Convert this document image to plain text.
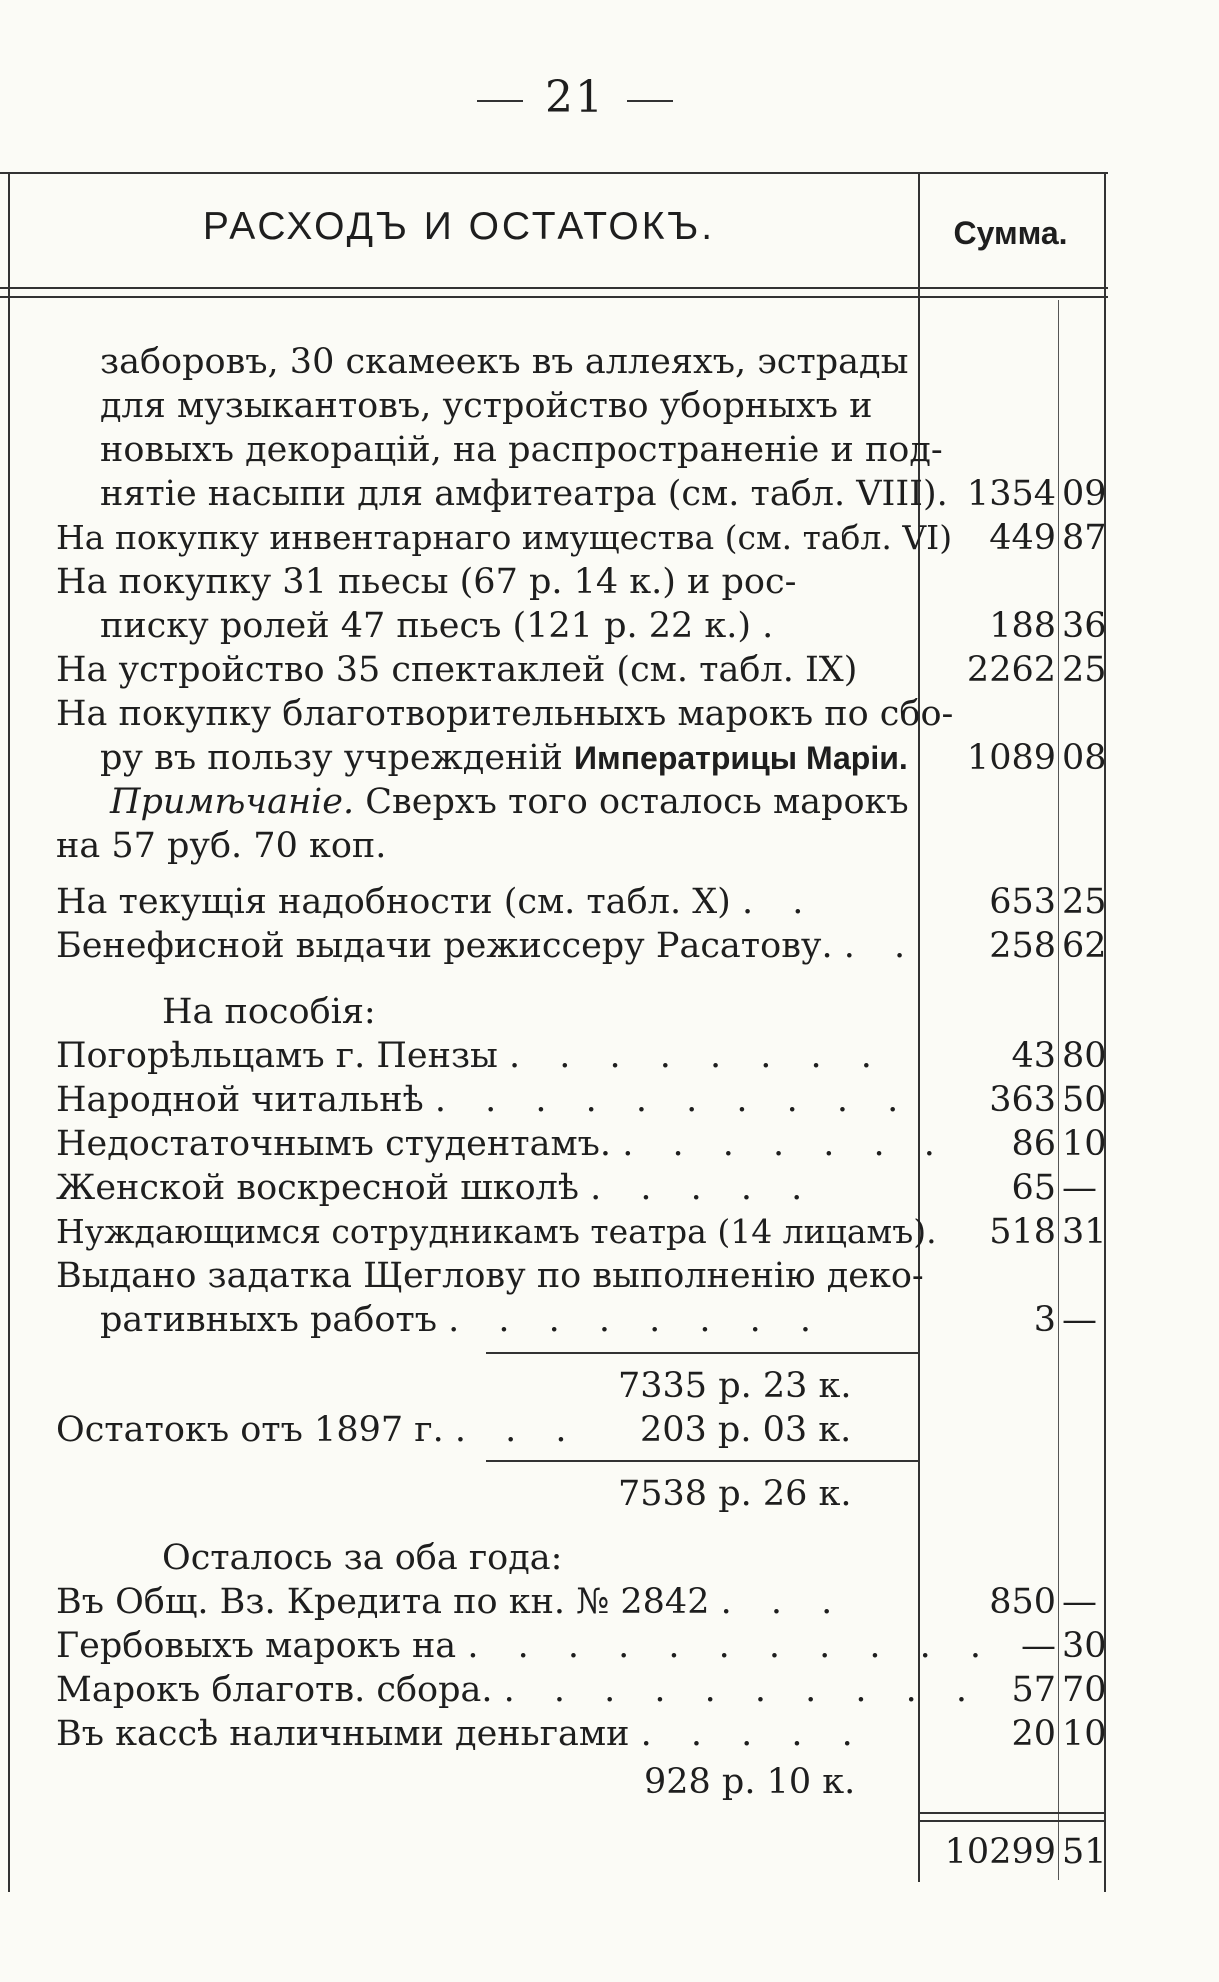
21
РАСХОДЪ И ОСТАТОКЪ.	Сумма.
заборовъ, 30 скамеекъ въ аллеяхъ, эстрады
для музыкантовъ, устройство уборныхъ и
новыхъ декорацій, на распространеніе и под-
нятіе насыпи для амфитеатра (см. табл. VIII). 1354 09
На покупку инвентарнаго имущества (см. табл. VI) 449 87
На покупку 31 пьесы (67 р. 14 к.) и рос-
писку ролей 47 пьесъ (121 р. 22 к.) .	188 36
На устройство 35 спектаклей (см. табл. IX)	2262 25
На покупку благотворительныхъ марокъ по сбо-
ру въ пользу учрежденій Императрицы Маріи. 1089 08
Примѣчаніе. Сверхъ того осталось марокъ
на 57 руб. 70 коп.
На текущія надобности (см. табл. X) . .	653 25
Бенефисной выдачи режиссеру Расатову. . . 258 62
На пособія:
Погорѣльцамъ г. Пензы . . . . . . . .	43 80
Народной читальнѣ . . . . . . . . . . 363 50
Недостаточнымъ студентамъ. . . . . . . . 86 10
Женской воскресной школѣ . . . . .	65 —
Нуждающимся сотрудникамъ театра (14 лицамъ). 518 31
Выдано задатка Щеглову по выполненію деко-
ративныхъ работъ . . . . . . . .	3 —
7335 р. 23 к.
Остатокъ отъ 1897 г. . . . 203 р. 03 к.
7538 р. 26 к.
Осталось за оба года:
Въ Общ. Вз. Кредита по кн. № 2842 . . .	850 —
Гербовыхъ марокъ на . . . . . . . . . . . — 30
Марокъ благотв. сбора. . . . . . . . . . . 57 70
Въ кассѣ наличными деньгами . . . . .	20 10
928 р. 10 к.
10299 51
